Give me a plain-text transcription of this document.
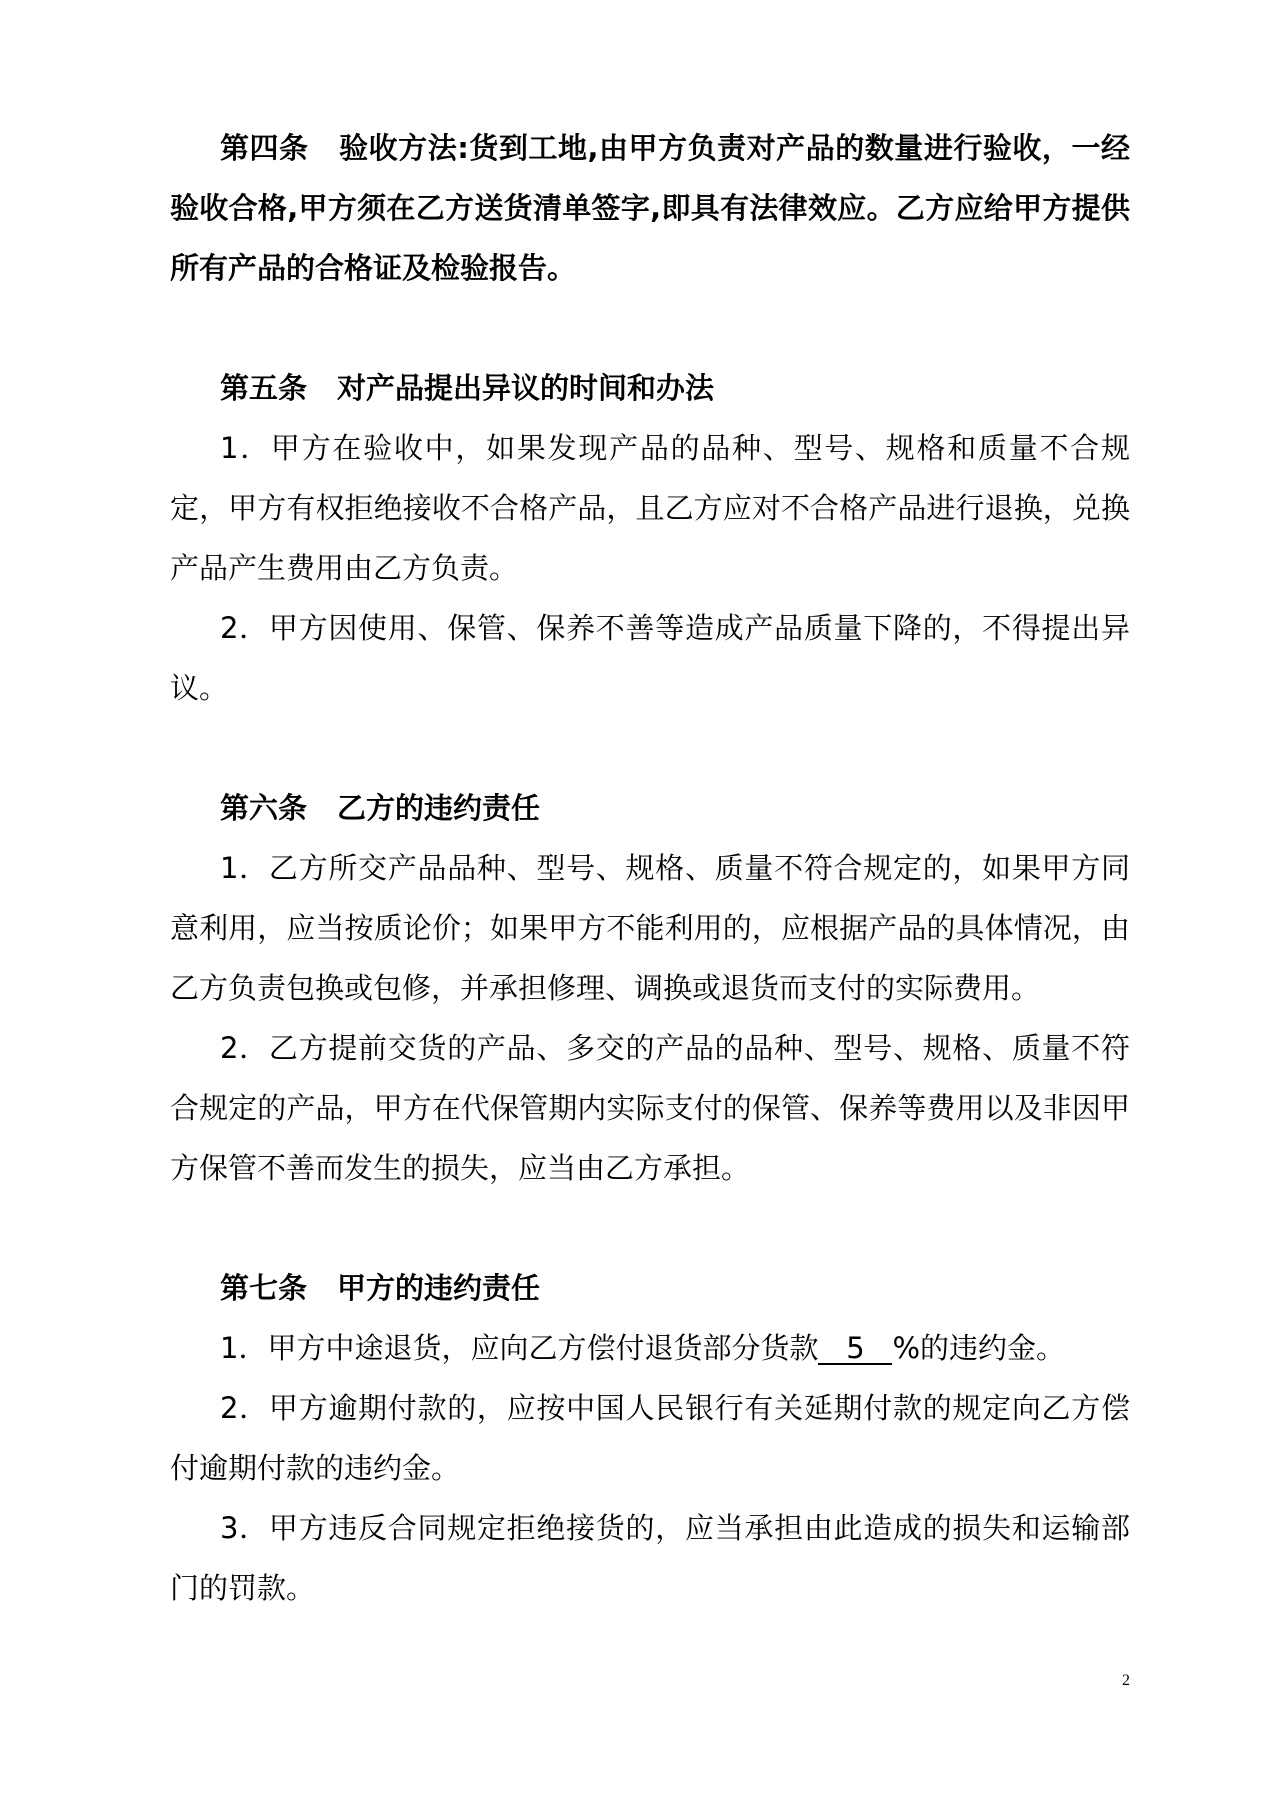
第四条 验收方法:货到工地,由甲方负责对产品的数量进行验收，一经验收合格,甲方须在乙方送货清单签字,即具有法律效应。乙方应给甲方提供所有产品的合格证及检验报告。

第五条 对产品提出异议的时间和办法

1．甲方在验收中，如果发现产品的品种、型号、规格和质量不合规定，甲方有权拒绝接收不合格产品，且乙方应对不合格产品进行退换，兑换产品产生费用由乙方负责。

2．甲方因使用、保管、保养不善等造成产品质量下降的，不得提出异议。

第六条 乙方的违约责任

1．乙方所交产品品种、型号、规格、质量不符合规定的，如果甲方同意利用，应当按质论价；如果甲方不能利用的，应根据产品的具体情况，由乙方负责包换或包修，并承担修理、调换或退货而支付的实际费用。

2．乙方提前交货的产品、多交的产品的品种、型号、规格、质量不符合规定的产品，甲方在代保管期内实际支付的保管、保养等费用以及非因甲方保管不善而发生的损失，应当由乙方承担。

第七条 甲方的违约责任

1．甲方中途退货，应向乙方偿付退货部分货款 5 %的违约金。

2．甲方逾期付款的，应按中国人民银行有关延期付款的规定向乙方偿付逾期付款的违约金。

3．甲方违反合同规定拒绝接货的，应当承担由此造成的损失和运输部门的罚款。

2
